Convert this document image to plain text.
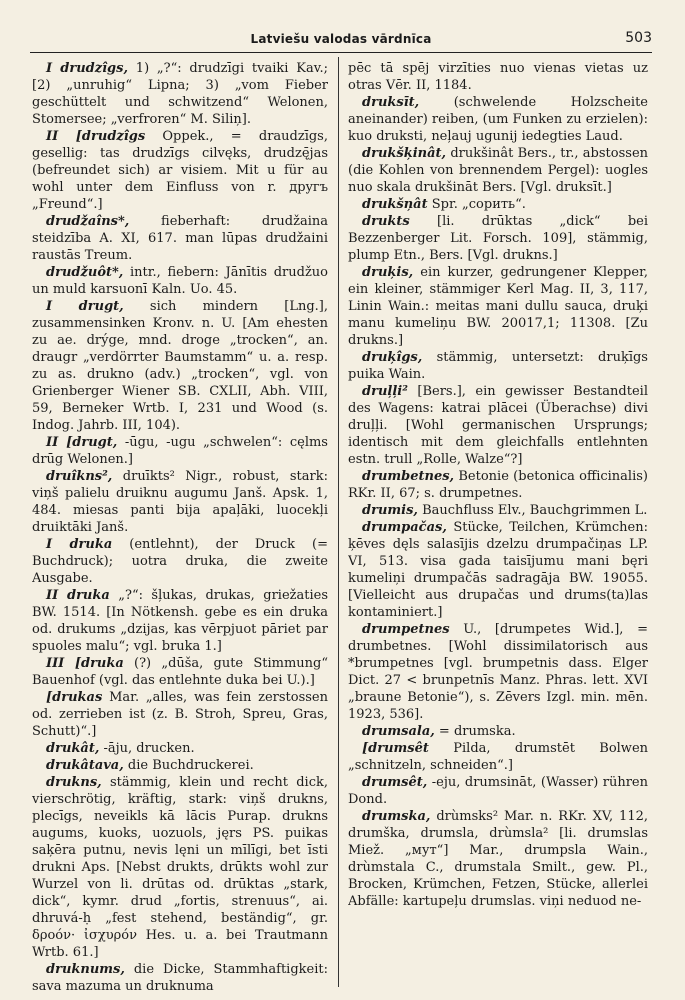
Latviešu valodas vārdnīca	503

I drudzîgs, 1) „?“: drudzīgi tvaiki Kav.; [2) „unruhig“ Lipna; 3) „vom Fieber geschüttelt und schwitzend“ Welonen, Stomersee; „verfroren“ M. Siliņ].

II [drudzîgs Oppek., = draudzīgs, gesellig: tas drudzīgs cilvęks, drudzę̄jas (befreundet sich) ar visiem. Mit u für au wohl unter dem Einfluss von r. дрyгъ „Freund“.]

drudžaîns*, fieberhaft: drudžaina steidzība A. XI, 617. man lūpas drudžaini raustās Treum.

drudžuôt*, intr., fiebern: Jānītis drudžuo un muld karsuonī Kaln. Uo. 45.

I drugt, sich mindern [Lng.], zusammensinken Kronv. n. U. [Am ehesten zu ae. drýge, mnd. droge „trocken“, an. draugr „verdörrter Baumstamm“ u. a. resp. zu as. drukno (adv.) „trocken“, vgl. von Grienberger Wiener SB. CXLII, Abh. VIII, 59, Berneker Wrtb. I, 231 und Wood (s. Indog. Jahrb. III, 104).

II [drugt, -ūgu, -ugu „schwelen“: cęlms drūg Welonen.]

druîkns², druīkts² Nigr., robust, stark: viņš palielu druiknu augumu Janš. Apsk. 1, 484. miesas panti bija apaļāki, luocekļi druiktāki Janš.

I druka (entlehnt), der Druck (= Buchdruck); uotra druka, die zweite Ausgabe.

II druka „?“: šļukas, drukas, griežaties BW. 1514. [In Nötkensh. gebe es ein druka od. drukums „dzijas, kas vērpjuot pāriet par spuoles malu“; vgl. bruka 1.]

III [druka (?) „dūša, gute Stimmung“ Bauenhof (vgl. das entlehnte duka bei U.).]

[drukas Mar. „alles, was fein zerstossen od. zerrieben ist (z. B. Stroh, Spreu, Gras, Schutt)“.]

drukât, -āju, drucken.

drukâtava, die Buchdruckerei.

drukns, stämmig, klein und recht dick, vierschrötig, kräftig, stark: viņš drukns, plecīgs, neveikls kā lācis Purap. drukns augums, kuoks, uozuols, jęrs PS. puikas saķēra putnu, nevis lęni un mīlīgi, bet īsti drukni Aps. [Nebst drukts, drūkts wohl zur Wurzel von li. drūtas od. drūktas „stark, dick“, kymr. drud „fortis, strenuus“, ai. dhruvá-ḥ „fest stehend, beständig“, gr. δροόν· ἰσχυρόν Hes. u. a. bei Trautmann Wrtb. 61.]

druknums, die Dicke, Stammhaftigkeit: sava mazuma un druknuma

pēc tā spēj virzīties nuo vienas vietas uz otras Vēr. II, 1184.

druksīt,	(schwelende Holzscheite aneinander) reiben, (um Funken zu erzielen): kuo druksti, neļauj ugunij iedegties Laud.

drukšķinât, drukšinât Bers., tr., abstossen (die Kohlen von brennendem Pergel): uogles nuo skala drukšināt Bers. [Vgl. druksīt.]

drukšņât Spr. „сорить“.

drukts [li. drūktas „dick“ bei Bezzenberger Lit. Forsch. 109], stämmig, plump Etn., Bers. [Vgl. drukns.]

druķis, ein kurzer, gedrungener Klepper, ein kleiner, stämmiger Kerl Mag. II, 3, 117, Linin Wain.: meitas mani dullu sauca, druķi manu kumeliņu BW. 20017,1; 11308. [Zu drukns.]

druķîgs, stämmig, untersetzt: druķīgs puika Wain.

druļļi² [Bers.], ein gewisser Bestandteil des Wagens: katrai plācei (Überachse) divi druļļi. [Wohl germanischen Ursprungs; identisch mit dem gleichfalls entlehnten estn. trull „Rolle, Walze“?]

drumbetnes, Betonie (betonica officinalis) RKr. II, 67; s. drumpetnes.

drumis, Bauchfluss Elv., Bauchgrimmen L.

drumpačas, Stücke, Teilchen, Krümchen: ķēves dęls salasījis dzelzu drumpačiņas LP. VI, 513. visa gada taisījumu mani bęri kumeliņi drumpačās sadragāja BW. 19055. [Vielleicht aus drupačas und drums(ta)las kontaminiert.]

drumpetnes U., [drumpetes Wid.], = drumbetnes. [Wohl dissimilatorisch aus *brumpetnes [vgl. brumpetnis dass. Elger Dict. 27 < brunpetnīs Manz. Phras. lett. XVI „braune Betonie“), s. Zēvers Izgl. min. mēn. 1923, 536].

drumsala, = drumska.

[drumsêt Pilda, drumstēt Bolwen „schnitzeln, schneiden“.]

drumsêt, -eju, drumsināt, (Wasser) rühren Dond.

drumska, drùmsks² Mar. n. RKr. XV, 112, drumška, drumsla, drùmsla² [li. drumslas Miež. „мут“] Mar., drumpsla Wain., drùmstala C., drumstala Smilt., gew. Pl., Brocken, Krümchen, Fetzen, Stücke, allerlei Abfälle: kartupeļu drumslas. viņi neduod ne-
